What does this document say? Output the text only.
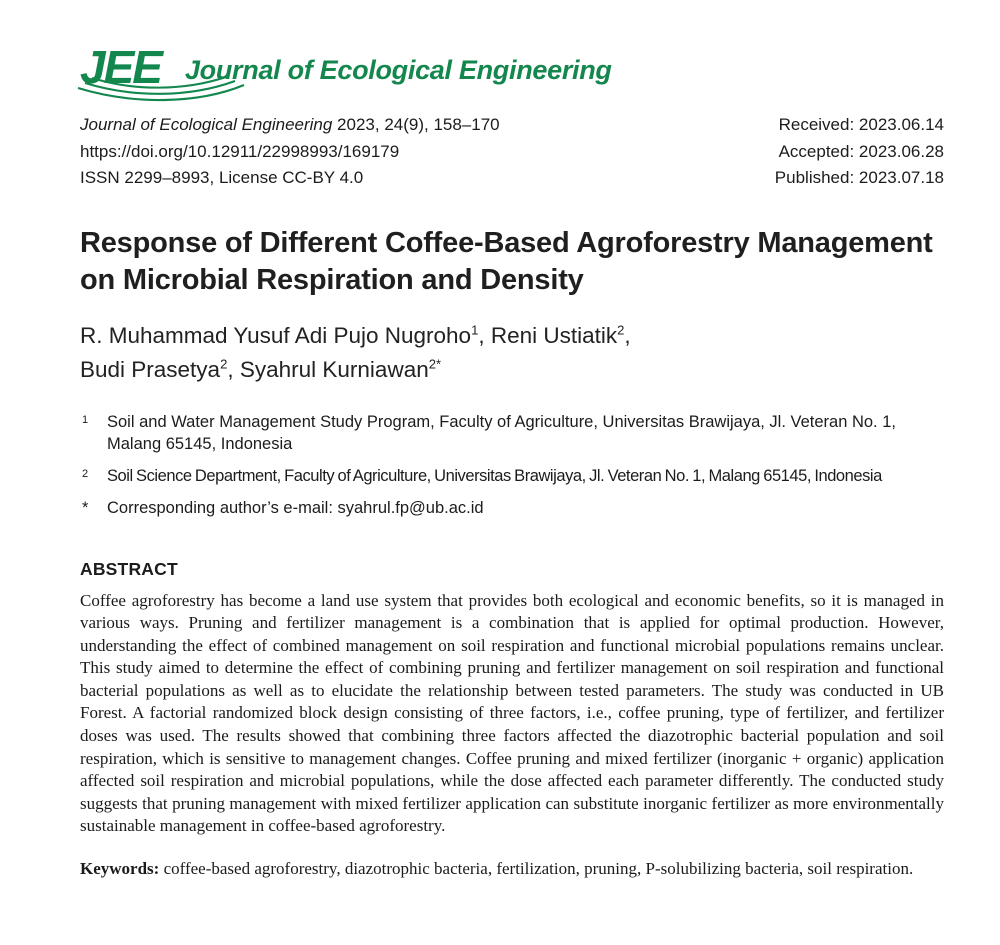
JEE Journal of Ecological Engineering
Journal of Ecological Engineering 2023, 24(9), 158–170
https://doi.org/10.12911/22998993/169179
ISSN 2299–8993, License CC-BY 4.0
Received: 2023.06.14
Accepted: 2023.06.28
Published: 2023.07.18
Response of Different Coffee-Based Agroforestry Management
on Microbial Respiration and Density
R. Muhammad Yusuf Adi Pujo Nugroho$^1$, Reni Ustiatik$^2$,
Budi Prasetya$^2$, Syahrul Kurniawan$^{2*}$
1 Soil and Water Management Study Program, Faculty of Agriculture, Universitas Brawijaya, Jl. Veteran No. 1, Malang 65145, Indonesia
2 Soil Science Department, Faculty of Agriculture, Universitas Brawijaya, Jl. Veteran No. 1, Malang 65145, Indonesia
* Corresponding author’s e-mail: syahrul.fp@ub.ac.id
ABSTRACT

Coffee agroforestry has become a land use system that provides both ecological and economic benefits, so it is managed in various ways. Pruning and fertilizer management is a combination that is applied for optimal production. However, understanding the effect of combined management on soil respiration and functional microbial populations remains unclear. This study aimed to determine the effect of combining pruning and fertilizer management on soil respiration and functional bacterial populations as well as to elucidate the relationship between tested parameters. The study was conducted in UB Forest. A factorial randomized block design consisting of three factors, i.e., coffee pruning, type of fertilizer, and fertilizer doses was used. The results showed that combining three factors affected the diazotrophic bacterial population and soil respiration, which is sensitive to management changes. Coffee pruning and mixed fertilizer (inorganic + organic) application affected soil respiration and microbial populations, while the dose affected each parameter differently. The conducted study suggests that pruning management with mixed fertilizer application can substitute inorganic fertilizer as more environmentally sustainable management in coffee-based agroforestry.

Keywords: coffee-based agroforestry, diazotrophic bacteria, fertilization, pruning, P-solubilizing bacteria, soil respiration.
